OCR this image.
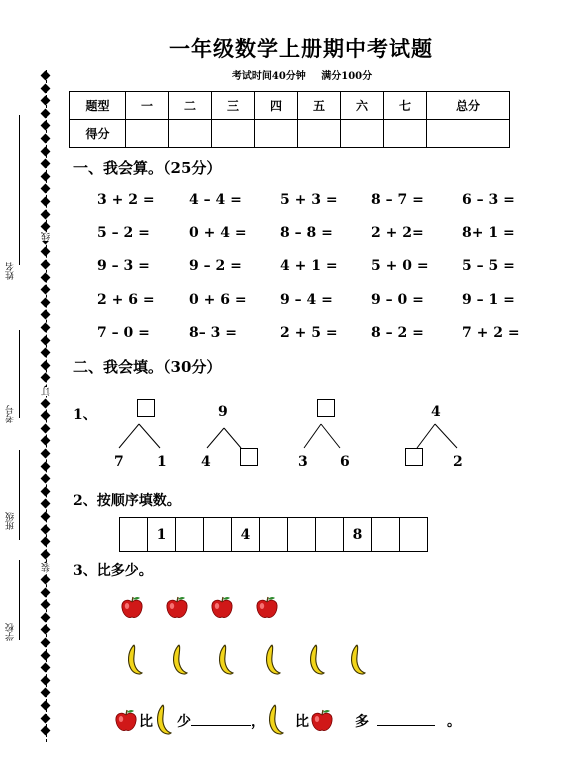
姓名
考号
班级
学校
线
订
装
一年级数学上册期中考试题
考试时间40分钟 满分100分
题型	一	二	三	四	五	六	七	总分
得分								
一、我会算。（25分）
3 + 2 = 4 – 4 =	5 + 3 = 8 – 7 =	6 – 3 =
5 – 2 =	0 + 4 = 8 – 8 =	2 + 2=	8+ 1 =
9 – 3 =	9 – 2 =	4 + 1 = 5 + 0 = 5 – 5 =
2 + 6 = 0 + 6 = 9 – 4 =	9 – 0 =	9 – 1 =
7 – 0 =	8– 3 =	2 + 5 = 8 – 2 =	7 + 2 =
二、我会填。（30分）
1、
7 1
9
4	3 6
4
2
2、按顺序填数。
	1			4				8		
3、比多少。
比 少	， 比	多	。
